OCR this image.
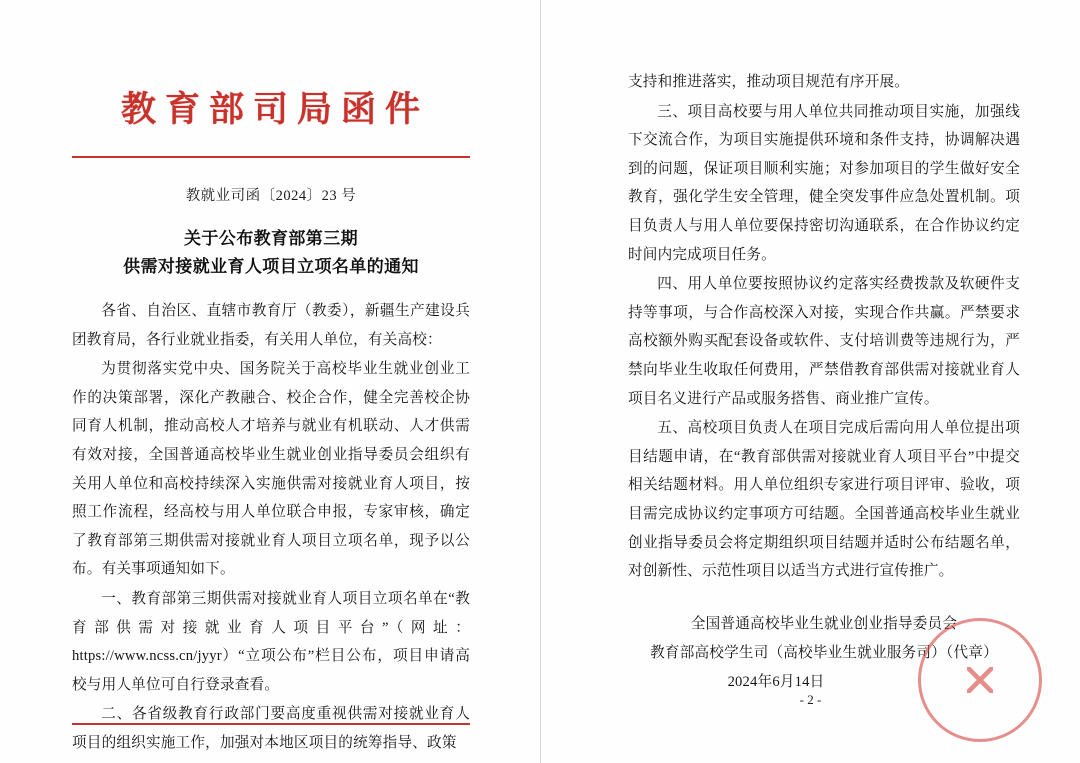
教育部司局函件
教就业司函〔2024〕23 号
关于公布教育部第三期
供需对接就业育人项目立项名单的通知

各省、自治区、直辖市教育厅（教委），新疆生产建设兵团教育局，各行业就业指委，有关用人单位，有关高校：

为贯彻落实党中央、国务院关于高校毕业生就业创业工作的决策部署，深化产教融合、校企合作，健全完善校企协同育人机制，推动高校人才培养与就业有机联动、人才供需有效对接，全国普通高校毕业生就业创业指导委员会组织有关用人单位和高校持续深入实施供需对接就业育人项目，按照工作流程，经高校与用人单位联合申报，专家审核，确定了教育部第三期供需对接就业育人项目立项名单，现予以公布。有关事项通知如下。

一、教育部第三期供需对接就业育人项目立项名单在“教育部供需对接就业育人项目平台”（网址：https://www.ncss.cn/jyyr）“立项公布”栏目公布，项目申请高校与用人单位可自行登录查看。

二、各省级教育行政部门要高度重视供需对接就业育人项目的组织实施工作，加强对本地区项目的统筹指导、政策

支持和推进落实，推动项目规范有序开展。

三、项目高校要与用人单位共同推动项目实施，加强线下交流合作，为项目实施提供环境和条件支持，协调解决遇到的问题，保证项目顺利实施；对参加项目的学生做好安全教育，强化学生安全管理，健全突发事件应急处置机制。项目负责人与用人单位要保持密切沟通联系，在合作协议约定时间内完成项目任务。

四、用人单位要按照协议约定落实经费拨款及软硬件支持等事项，与合作高校深入对接，实现合作共赢。严禁要求高校额外购买配套设备或软件、支付培训费等违规行为，严禁向毕业生收取任何费用，严禁借教育部供需对接就业育人项目名义进行产品或服务搭售、商业推广宣传。

五、高校项目负责人在项目完成后需向用人单位提出项目结题申请，在“教育部供需对接就业育人项目平台”中提交相关结题材料。用人单位组织专家进行项目评审、验收，项目需完成协议约定事项方可结题。全国普通高校毕业生就业创业指导委员会将定期组织项目结题并适时公布结题名单，对创新性、示范性项目以适当方式进行宣传推广。

全国普通高校毕业生就业创业指导委员会
教育部高校学生司（高校毕业生就业服务司）（代章）
2024年6月14日
- 2 -
